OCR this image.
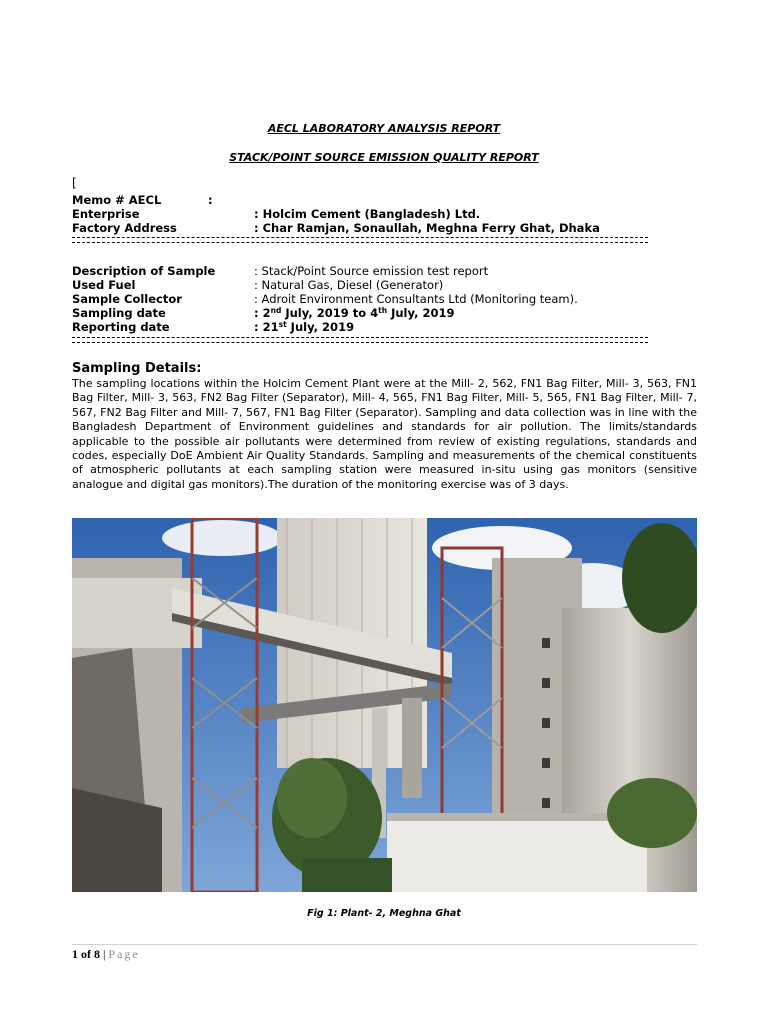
AECL LABORATORY ANALYSIS REPORT
STACK/POINT SOURCE EMISSION QUALITY REPORT
[
Memo # AECL	:
Enterprise	: Holcim Cement (Bangladesh) Ltd.
Factory Address	: Char Ramjan, Sonaullah, Meghna Ferry Ghat, Dhaka
Description of Sample	: Stack/Point Source emission test report
Used Fuel	: Natural Gas, Diesel (Generator)
Sample Collector	: Adroit Environment Consultants Ltd (Monitoring team).
Sampling date	: 2nd July, 2019 to 4th July, 2019
Reporting date	: 21st July, 2019
Sampling Details:

The sampling locations within the Holcim Cement Plant were at the Mill- 2, 562, FN1 Bag Filter, Mill- 3, 563, FN1 Bag Filter, Mill- 3, 563, FN2 Bag Filter (Separator), Mill- 4, 565, FN1 Bag Filter, Mill- 5, 565, FN1 Bag Filter, Mill- 7, 567, FN2 Bag Filter and Mill- 7, 567, FN1 Bag Filter (Separator). Sampling and data collection was in line with the Bangladesh Department of Environment guidelines and standards for air pollution. The limits/standards applicable to the possible air pollutants were determined from review of existing regulations, standards and codes, especially DoE Ambient Air Quality Standards. Sampling and measurements of the chemical constituents of atmospheric pollutants at each sampling station were measured in-situ using gas monitors (sensitive analogue and digital gas monitors).The duration of the monitoring exercise was of 3 days.

Fig 1: Plant- 2, Meghna Ghat
1 of 8 | Page
